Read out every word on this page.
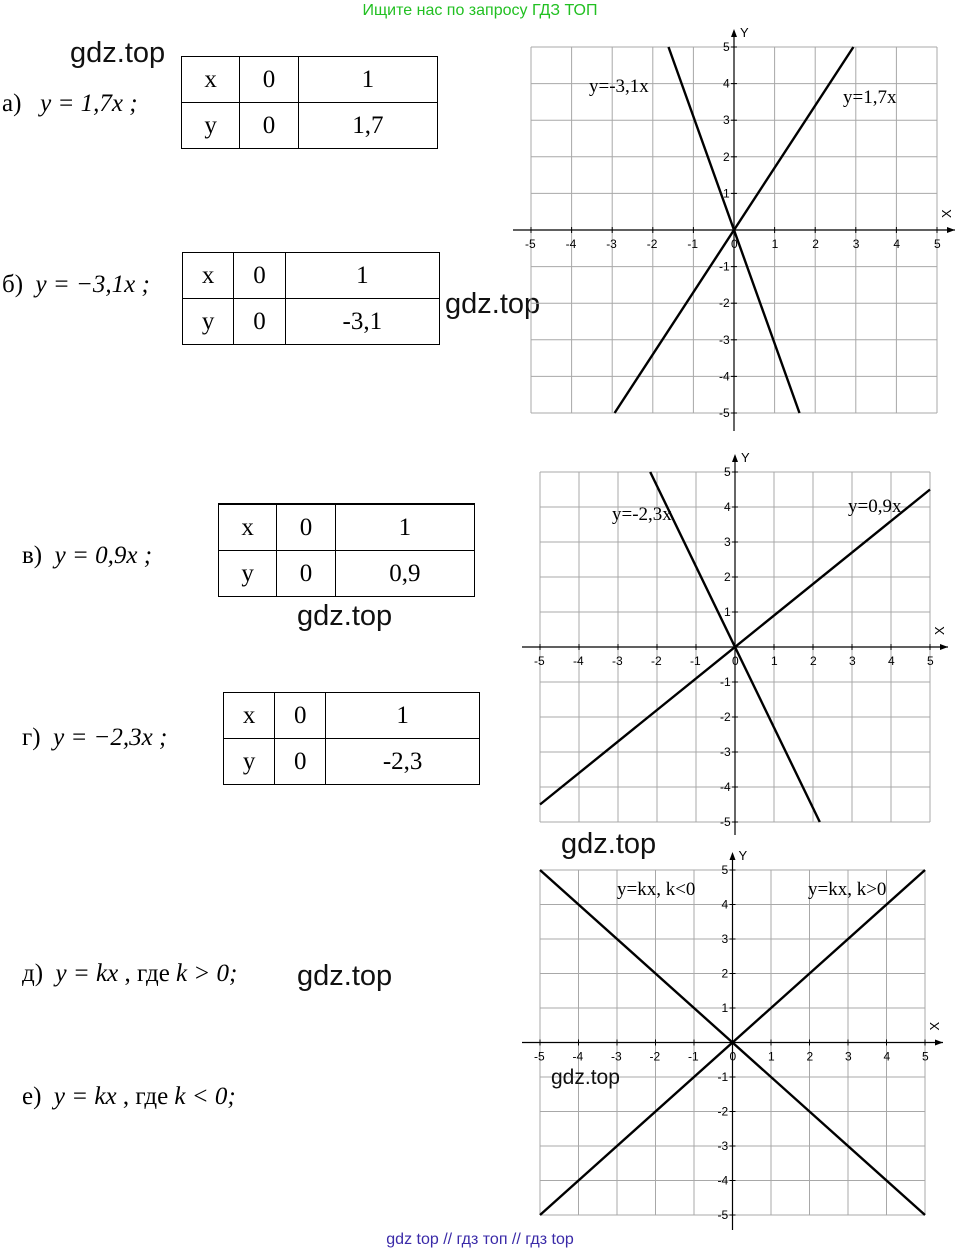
Ищите нас по запросу ГДЗ ТОП
gdz.top
а) y = 1,7x ;
x	0	1
y	0	1,7
б) y = −3,1x ; x	0	1
y	0	-3,1
gdz.top
в) y = 0,9x ;
x	0	1
y	0	0,9
gdz.top
г) y = −2,3x ;
x	0	1
y	0	-2,3
gdz.top
д) y = kx , где k > 0; gdz.top
е) y = kx , где k < 0;
X
Y
-5 -4 -3 -2 -1	0	1	2	3	4	5
5
4
3
2
1
-1
-2
-3
-4
-5
y=-3,1x
y=1,7x
X
Y
-5 -4 -3 -2 -1	0	1	2	3	4	5
5
4
3
2
1
-1
-2
-3
-4
-5
y=-2,3x	y=0,9x
X
Y
-5 -4 -3 -2 -1	0	1	2	3	4	5
5
4
3
2
1
-1
-2
-3
-4
-5
y=kx, k<0	y=kx, k>0
gdz.top
gdz top // гдз топ // гдз top
